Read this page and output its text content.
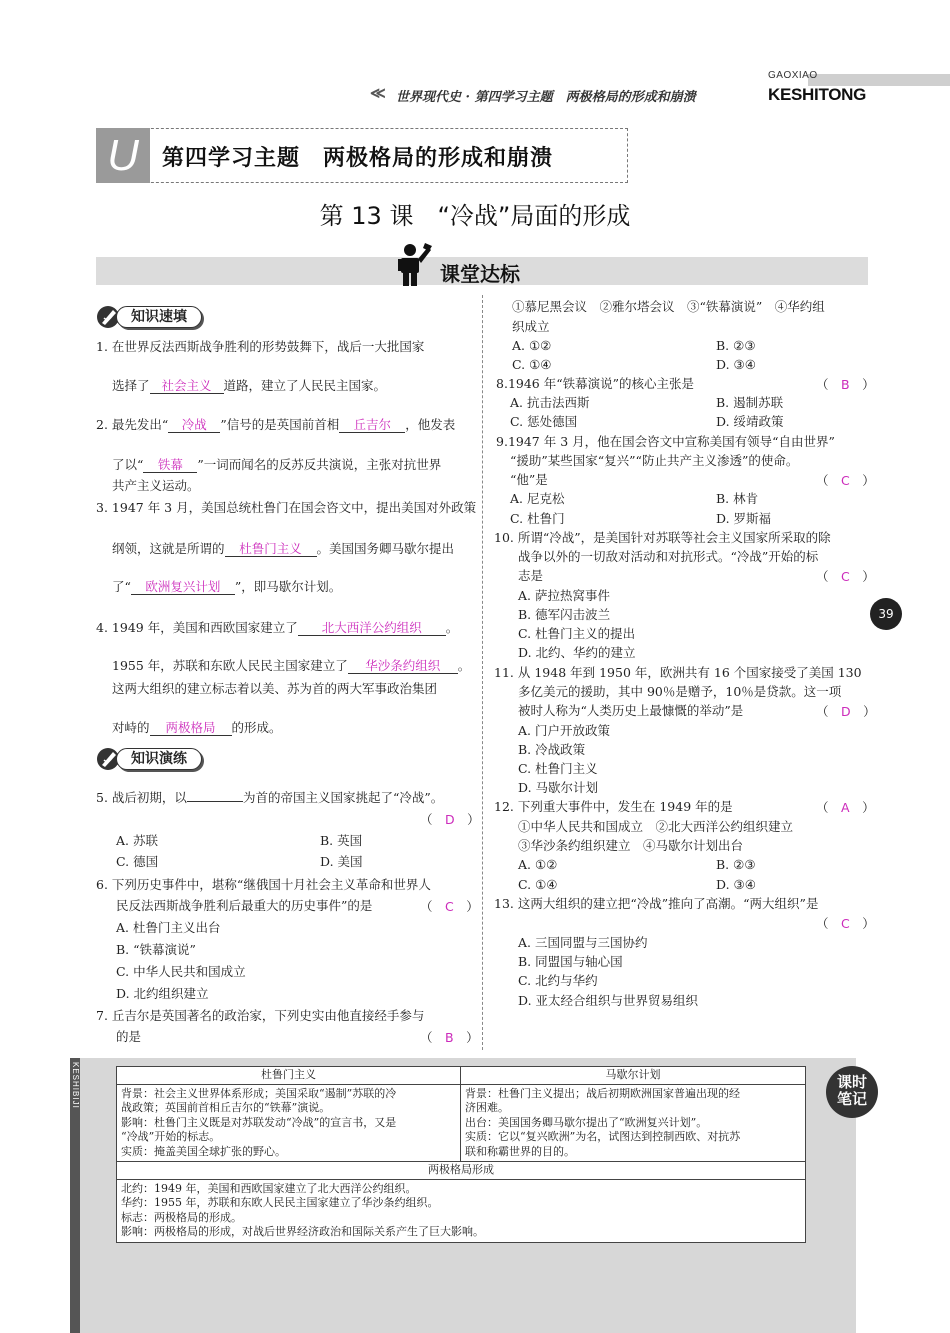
GAOXIAO
KESHITONG
≪ 世界现代史 · 第四学习主题　两极格局的形成和崩溃
U	第四学习主题　两极格局的形成和崩溃
第 13 课　“冷战”局面的形成
课堂达标
知识速填
1. 在世界反法西斯战争胜利的形势鼓舞下，战后一大批国家
选择了 社会主义 道路，建立了人民民主国家。
2. 最先发出“ 冷战 ”信号的是英国前首相 丘吉尔 ，他发表
了以“ 铁幕 ”一词而闻名的反苏反共演说，主张对抗世界
共产主义运动。
3. 1947 年 3 月，美国总统杜鲁门在国会咨文中，提出美国对外政策
纲领，这就是所谓的 杜鲁门主义 。美国国务卿马歇尔提出
了“ 欧洲复兴计划 ”，即马歇尔计划。
4. 1949 年，美国和西欧国家建立了 北大西洋公约组织 。
1955 年，苏联和东欧人民民主国家建立了 华沙条约组织 。
这两大组织的建立标志着以美、苏为首的两大军事政治集团
对峙的 两极格局 的形成。
知识演练
5. 战后初期，以	为首的帝国主义国家挑起了“冷战”。
（　D　）
A. 苏联	B. 英国
C. 德国	D. 美国
6. 下列历史事件中，堪称“继俄国十月社会主义革命和世界人
民反法西斯战争胜利后最重大的历史事件”的是	（　C　）
A. 杜鲁门主义出台
B. “铁幕演说”
C. 中华人民共和国成立
D. 北约组织建立
7. 丘吉尔是英国著名的政治家，下列史实由他直接经手参与
的是	（　B　）
①慕尼黑会议　②雅尔塔会议　③“铁幕演说”　④华约组
织成立
A. ①②	B. ②③
C. ①④	D. ③④
8.1946 年“铁幕演说”的核心主张是	（　B　）
A. 抗击法西斯	B. 遏制苏联
C. 惩处德国	D. 绥靖政策
9.1947 年 3 月，他在国会咨文中宣称美国有领导“自由世界”
“援助”某些国家“复兴”“防止共产主义渗透”的使命。
“他”是	（　C　）
A. 尼克松	B. 林肯
C. 杜鲁门	D. 罗斯福
10. 所谓“冷战”，是美国针对苏联等社会主义国家所采取的除
战争以外的一切敌对活动和对抗形式。“冷战”开始的标
志是	（　C　）
A. 萨拉热窝事件
B. 德军闪击波兰
C. 杜鲁门主义的提出
D. 北约、华约的建立
11. 从 1948 年到 1950 年，欧洲共有 16 个国家接受了美国 130
多亿美元的援助，其中 90％是赠予，10％是贷款。这一项
被时人称为“人类历史上最慷慨的举动”是	（　D　）
A. 门户开放政策
B. 冷战政策
C. 杜鲁门主义
D. 马歇尔计划
12. 下列重大事件中，发生在 1949 年的是	（　A　）
①中华人民共和国成立　②北大西洋公约组织建立
③华沙条约组织建立　④马歇尔计划出台
A. ①②	B. ②③
C. ①④	D. ③④
13. 这两大组织的建立把“冷战”推向了高潮。“两大组织”是
（　C　）
A. 三国同盟与三国协约
B. 同盟国与轴心国
C. 北约与华约
D. 亚太经合组织与世界贸易组织
39
KESHIBIJI	杜鲁门主义	马歇尔计划

背景：社会主义世界体系形成；美国采取“遏制”苏联的冷
战政策；英国前首相丘吉尔的“铁幕”演说。
影响：杜鲁门主义既是对苏联发动“冷战”的宣言书，又是
“冷战”开始的标志。
实质：掩盖美国全球扩张的野心。	背景：杜鲁门主义提出；战后初期欧洲国家普遍出现的经
济困难。
出台：美国国务卿马歇尔提出了“欧洲复兴计划”。
实质：它以“复兴欧洲”为名，试图达到控制西欧、对抗苏
联和称霸世界的目的。

两极格局形成	

北约：1949 年，美国和西欧国家建立了北大西洋公约组织。
华约：1955 年，苏联和东欧人民民主国家建立了华沙条约组织。
标志：两极格局的形成。
影响：两极格局的形成，对战后世界经济政治和国际关系产生了巨大影响。	
课时
笔记
